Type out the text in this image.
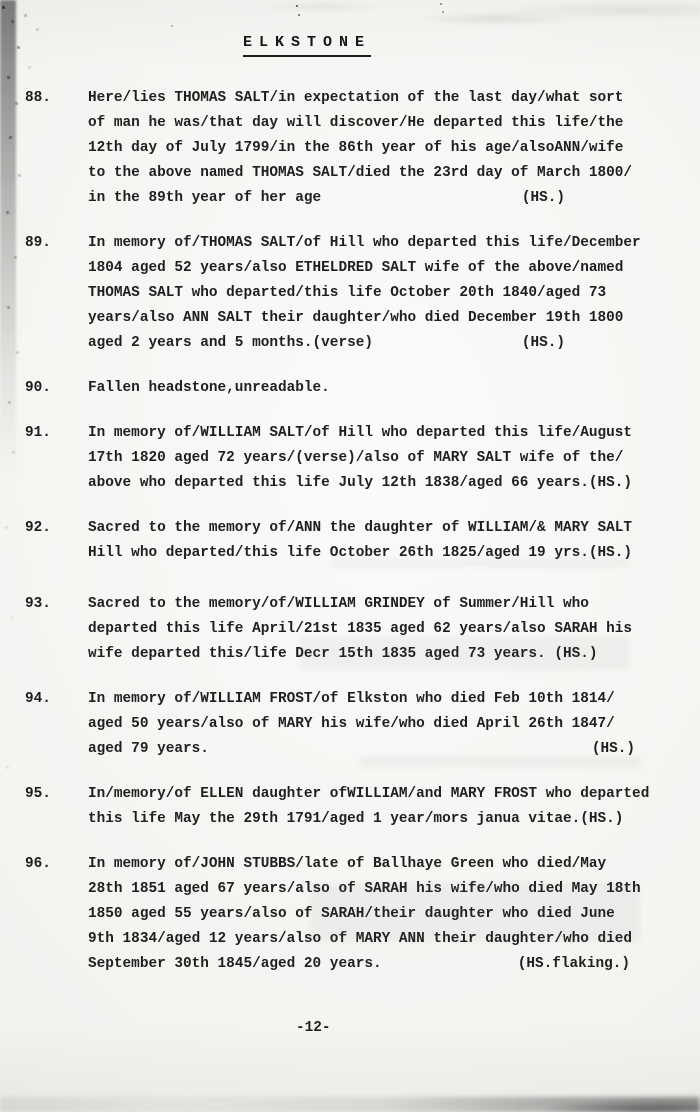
ELKSTONE
88.	Here/lies THOMAS SALT/in expectation of the last day/what sort
of man he was/that day will discover/He departed this life/the
12th day of July 1799/in the 86th year of his age/alsoANN/wife
to the above named THOMAS SALT/died the 23rd day of March 1800/
in the 89th year of her age	(HS.)
89.	In memory of/THOMAS SALT/of Hill who departed this life/December
1804 aged 52 years/also ETHELDRED SALT wife of the above/named
THOMAS SALT who departed/this life October 20th 1840/aged 73
years/also ANN SALT their daughter/who died December 19th 1800
aged 2 years and 5 months.(verse)	(HS.)
90.	Fallen headstone,unreadable.
91.	In memory of/WILLIAM SALT/of Hill who departed this life/August
17th 1820 aged 72 years/(verse)/also of MARY SALT wife of the/
above who departed this life July 12th 1838/aged 66 years.(HS.)
92.	Sacred to the memory of/ANN the daughter of WILLIAM/& MARY SALT
Hill who departed/this life October 26th 1825/aged 19 yrs.(HS.)
93.	Sacred to the memory/of/WILLIAM GRINDEY of Summer/Hill who
departed this life April/21st 1835 aged 62 years/also SARAH his
wife departed this/life Decr 15th 1835 aged 73 years. (HS.)
94.	In memory of/WILLIAM FROST/of Elkston who died Feb 10th 1814/
aged 50 years/also of MARY his wife/who died April 26th 1847/
aged 79 years.	(HS.)
95.	In/memory/of ELLEN daughter ofWILLIAM/and MARY FROST who departed
this life May the 29th 1791/aged 1 year/mors janua vitae.(HS.)
96.	In memory of/JOHN STUBBS/late of Ballhaye Green who died/May
28th 1851 aged 67 years/also of SARAH his wife/who died May 18th
1850 aged 55 years/also of SARAH/their daughter who died June
9th 1834/aged 12 years/also of MARY ANN their daughter/who died
September 30th 1845/aged 20 years.	(HS.flaking.)
-12-
